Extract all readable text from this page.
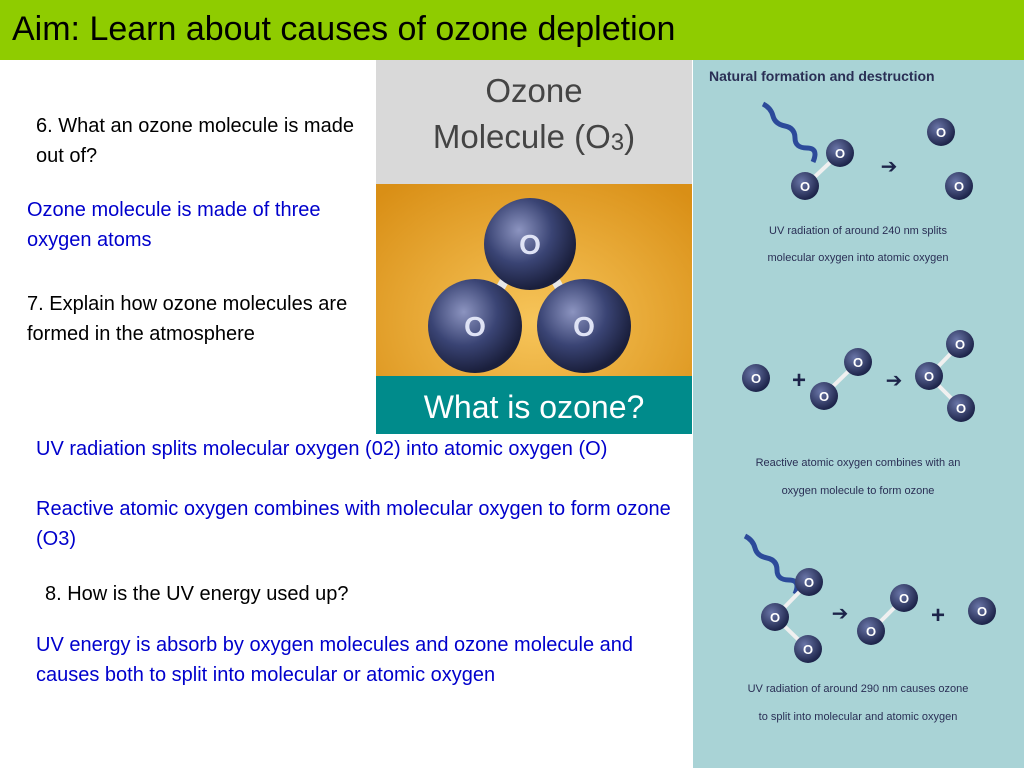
Aim: Learn about causes of ozone depletion
6. What an ozone molecule is made out of?
Ozone molecule is made of three oxygen atoms
7. Explain how ozone molecules are formed in the atmosphere
UV radiation splits molecular oxygen (02) into atomic oxygen (O)
Reactive atomic oxygen combines with molecular oxygen to form ozone (O3)
8. How is the UV energy used up?
UV energy is absorb by oxygen molecules and ozone molecule and causes both to split into molecular or atomic oxygen
Ozone
Molecule (O3)
O
O	O
What is ozone?
Natural formation and destruction
O
O
➔
O
O
UV radiation of around 240 nm splits
molecular oxygen into atomic oxygen
O +
O
O
➔
O
O
O
Reactive atomic oxygen combines with an
oxygen molecule to form ozone
O
O
O
➔
O
O
+ O
UV radiation of around 290 nm causes ozone
to split into molecular and atomic oxygen
